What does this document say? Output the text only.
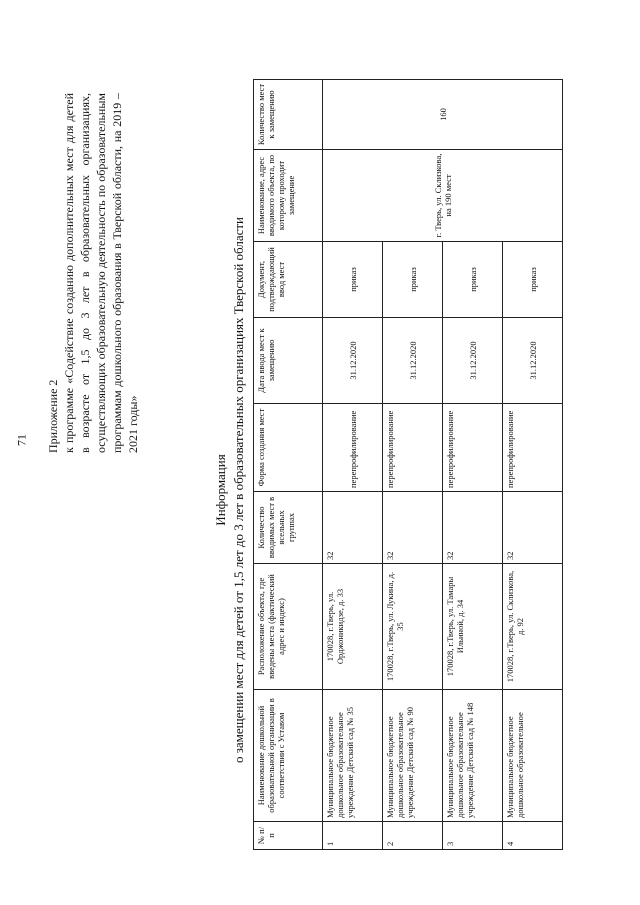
71 Приложение 2 к программе «Содействие созданию дополнительных мест для детей в возрасте от 1,5 до 3 лет в образовательных организациях, осуществляющих образовательную деятельность по образовательным программам дошкольного образования в Тверской области, на 2019 – 2021 годы»
Информация о замещении мест для детей от 1,5 лет до 3 лет в образовательных организациях Тверской области
№ п/п	Наименование дошкольной образовательной организации в соответствии с Уставом	Расположение объекта, где введены места (фактический адрес и индекс)	Количество вводимых мест в ясельных группах	Форма создания мест	Дата ввода мест к замещению	Документ, подтверждающий ввод мест	Наименование, адрес вводимого объекта, по которому проходит замещение	Количество мест к замещению
1	Муниципальное бюджетное дошкольное образовательное учреждение Детский сад № 35	170028, г.Тверь, ул. Орджоникидзе, д. 33	32	перепрофилирование	31.12.2020	приказ	г. Тверь, ул. Склизкова, на 190 мест	160
2	Муниципальное бюджетное дошкольное образовательное учреждение Детский сад № 90	170028, г.Тверь, ул. Лукина, д. 35	32	перепрофилирование	31.12.2020	приказ		
3	Муниципальное бюджетное дошкольное образовательное учреждение Детский сад № 148	170028, г.Тверь, ул. Тамары Ильиной, д. 34	32	перепрофилирование	31.12.2020	приказ		
4	Муниципальное бюджетное дошкольное образовательное	170028, г.Тверь, ул. Склизкова, д. 92	32	перепрофилирование	31.12.2020	приказ		
